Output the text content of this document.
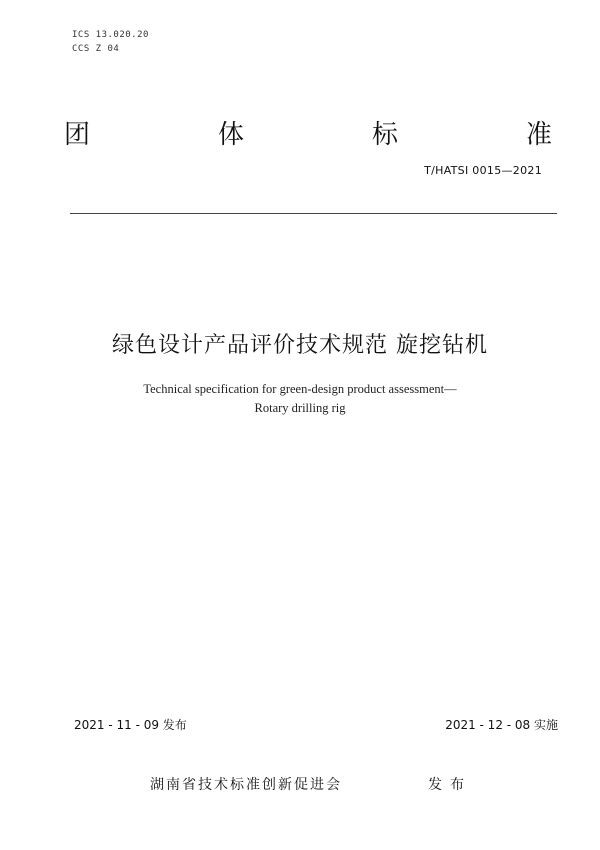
ICS 13.020.20
CCS Z 04
团	体	标	准
T/HATSI 0015—2021
绿色设计产品评价技术规范 旋挖钻机
Technical specification for green-design product assessment—
Rotary drilling rig
2021 - 11 - 09 发布	2021 - 12 - 08 实施
湖南省技术标准创新促进会	发布
